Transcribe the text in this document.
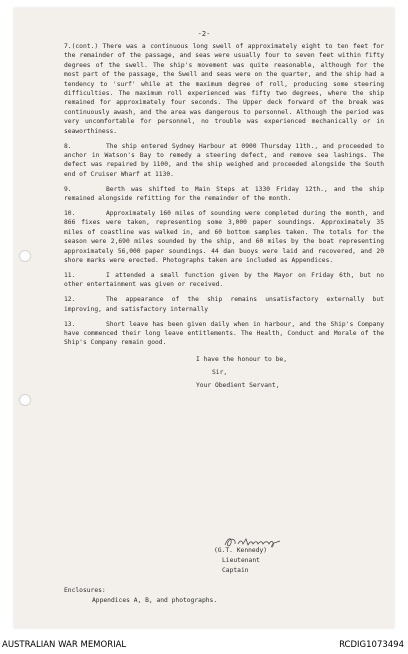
-2-

7.(cont.) There was a continuous long swell of approximately eight to ten feet for the remainder of the passage, and seas were usually four to seven feet within fifty degrees of the swell. The ship's movement was quite reasonable, although for the most part of the passage, the Swell and seas were on the quarter, and the ship had a tendency to 'surf' while at the maximum degree of roll, producing some steering difficulties. The maximum roll experienced was fifty two degrees, where the ship remained for approximately four seconds. The Upper deck forward of the break was continuously awash, and the area was dangerous to personnel. Although the period was very uncomfortable for personnel, no trouble was experienced mechanically or in seaworthiness.

8.	The ship entered Sydney Harbour at 0900 Thursday 11th., and proceeded to anchor in Watson's Bay to remedy a steering defect, and remove sea lashings. The defect was repaired by 1100, and the ship weighed and proceeded alongside the South end of Cruiser Wharf at 1130.

9.	Berth was shifted to Main Steps at 1330 Friday 12th., and the ship remained alongside refitting for the remainder of the month.

10.	Approximately 160 miles of sounding were completed during the month, and 866 fixes were taken, representing some 3,000 paper soundings. Approximately 35 miles of coastline was walked in, and 60 bottom samples taken. The totals for the season were 2,690 miles sounded by the ship, and 60 miles by the boat representing approximately 56,000 paper soundings. 44 dan buoys were laid and recovered, and 20 shore marks were erected. Photographs taken are included as Appendices.

11.	I attended a small function given by the Mayor on Friday 6th, but no other entertainment was given or received.

12.	The appearance of the ship remains unsatisfactory externally but improving, and satisfactory internally

13.	Short leave has been given daily when in harbour, and the Ship's Company have commenced their long leave entitlements. The Health, Conduct and Morale of the Ship's Company remain good.

I have the honour to be,
Sir,
Your Obedient Servant,
(G.T. Kennedy)
Lieutenant
Captain
Enclosures:
Appendices A, B, and photographs.
AUSTRALIAN WAR MEMORIAL	RCDIG1073494
